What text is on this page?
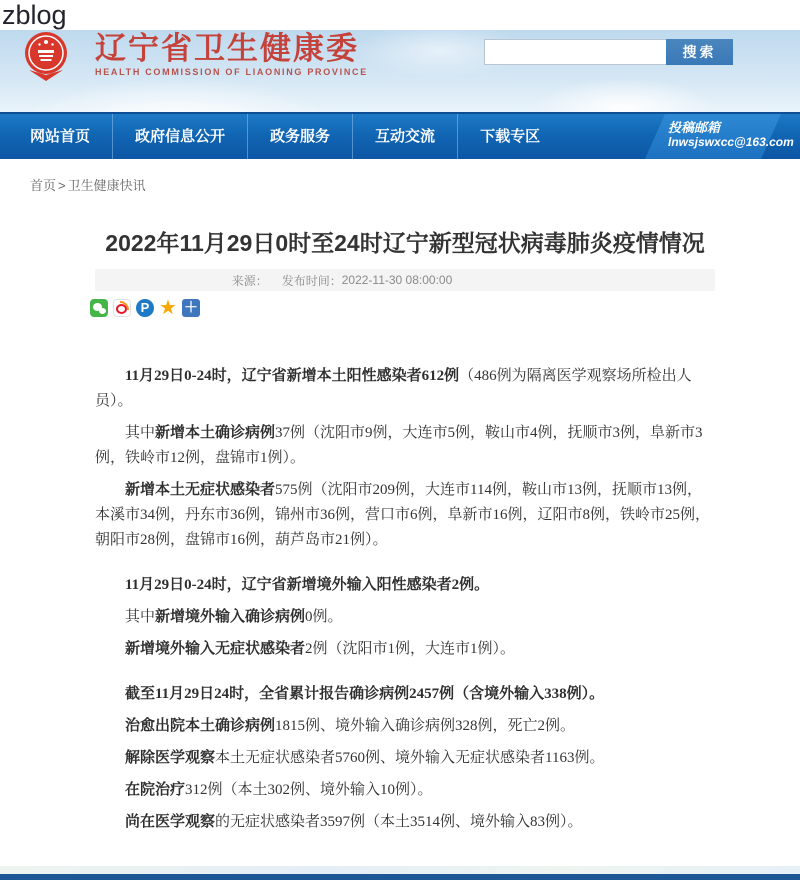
zblog
辽宁省卫生健康委
HEALTH COMMISSION OF LIAONING PROVINCE
搜索
网站首页	政府信息公开	政务服务	互动交流	下载专区
投稿邮箱
lnwsjswxcc@163.com
首页 > 卫生健康快讯
2022年11月29日0时至24时辽宁新型冠状病毒肺炎疫情情况
来源： 发布时间： 2022-11-30 08:00:00
P ★ ＋

11月29日0-24时，辽宁省新增本土阳性感染者612例（486例为隔离医学观察场所检出人员）。

其中新增本土确诊病例37例（沈阳市9例，大连市5例，鞍山市4例，抚顺市3例，阜新市3例，铁岭市12例，盘锦市1例）。

新增本土无症状感染者575例（沈阳市209例，大连市114例，鞍山市13例，抚顺市13例，本溪市34例，丹东市36例，锦州市36例，营口市6例，阜新市16例，辽阳市8例，铁岭市25例，朝阳市28例，盘锦市16例，葫芦岛市21例）。

11月29日0-24时，辽宁省新增境外输入阳性感染者2例。

其中新增境外输入确诊病例0例。

新增境外输入无症状感染者2例（沈阳市1例，大连市1例）。

截至11月29日24时，全省累计报告确诊病例2457例（含境外输入338例）。

治愈出院本土确诊病例1815例、境外输入确诊病例328例，死亡2例。

解除医学观察本土无症状感染者5760例、境外输入无症状感染者1163例。

在院治疗312例（本土302例、境外输入10例）。

尚在医学观察的无症状感染者3597例（本土3514例、境外输入83例）。
